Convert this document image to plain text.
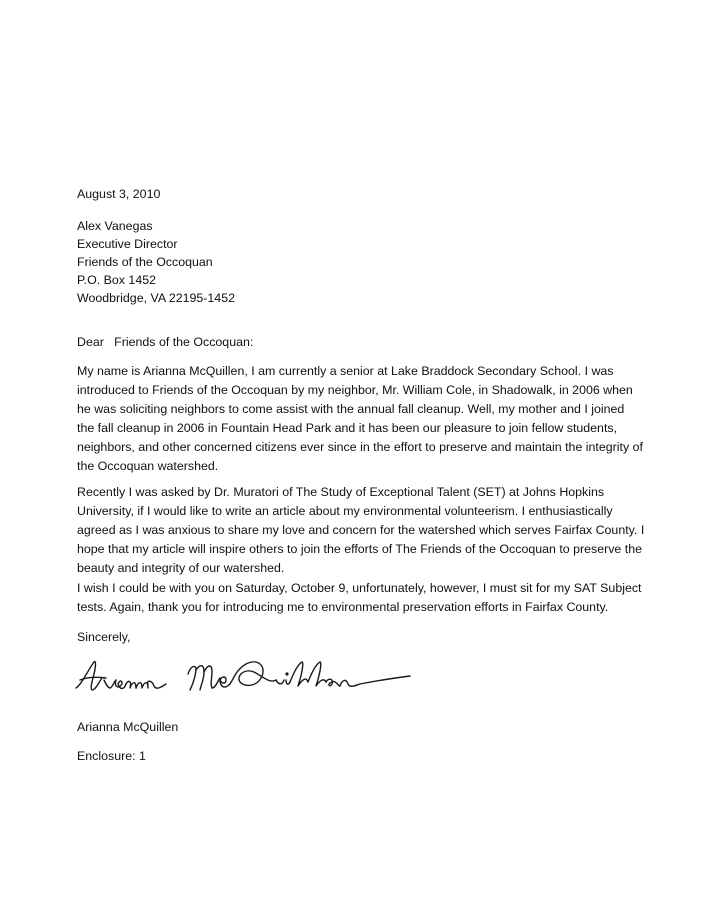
August 3, 2010
Alex Vanegas
Executive Director
Friends of the Occoquan
P.O. Box 1452
Woodbridge, VA 22195-1452
Dear   Friends of the Occoquan:
My name is Arianna McQuillen, I am currently a senior at Lake Braddock Secondary School. I was
introduced to Friends of the Occoquan by my neighbor, Mr. William Cole, in Shadowalk, in 2006 when
he was soliciting neighbors to come assist with the annual fall cleanup. Well, my mother and I joined
the fall cleanup in 2006 in Fountain Head Park and it has been our pleasure to join fellow students,
neighbors, and other concerned citizens ever since in the effort to preserve and maintain the integrity of
the Occoquan watershed.
Recently I was asked by Dr. Muratori of The Study of Exceptional Talent (SET) at Johns Hopkins
University, if I would like to write an article about my environmental volunteerism. I enthusiastically
agreed as I was anxious to share my love and concern for the watershed which serves Fairfax County. I
hope that my article will inspire others to join the efforts of The Friends of the Occoquan to preserve the
beauty and integrity of our watershed.
I wish I could be with you on Saturday, October 9, unfortunately, however, I must sit for my SAT Subject
tests. Again, thank you for introducing me to environmental preservation efforts in Fairfax County.
Sincerely,
Arianna McQuillen
Enclosure: 1
